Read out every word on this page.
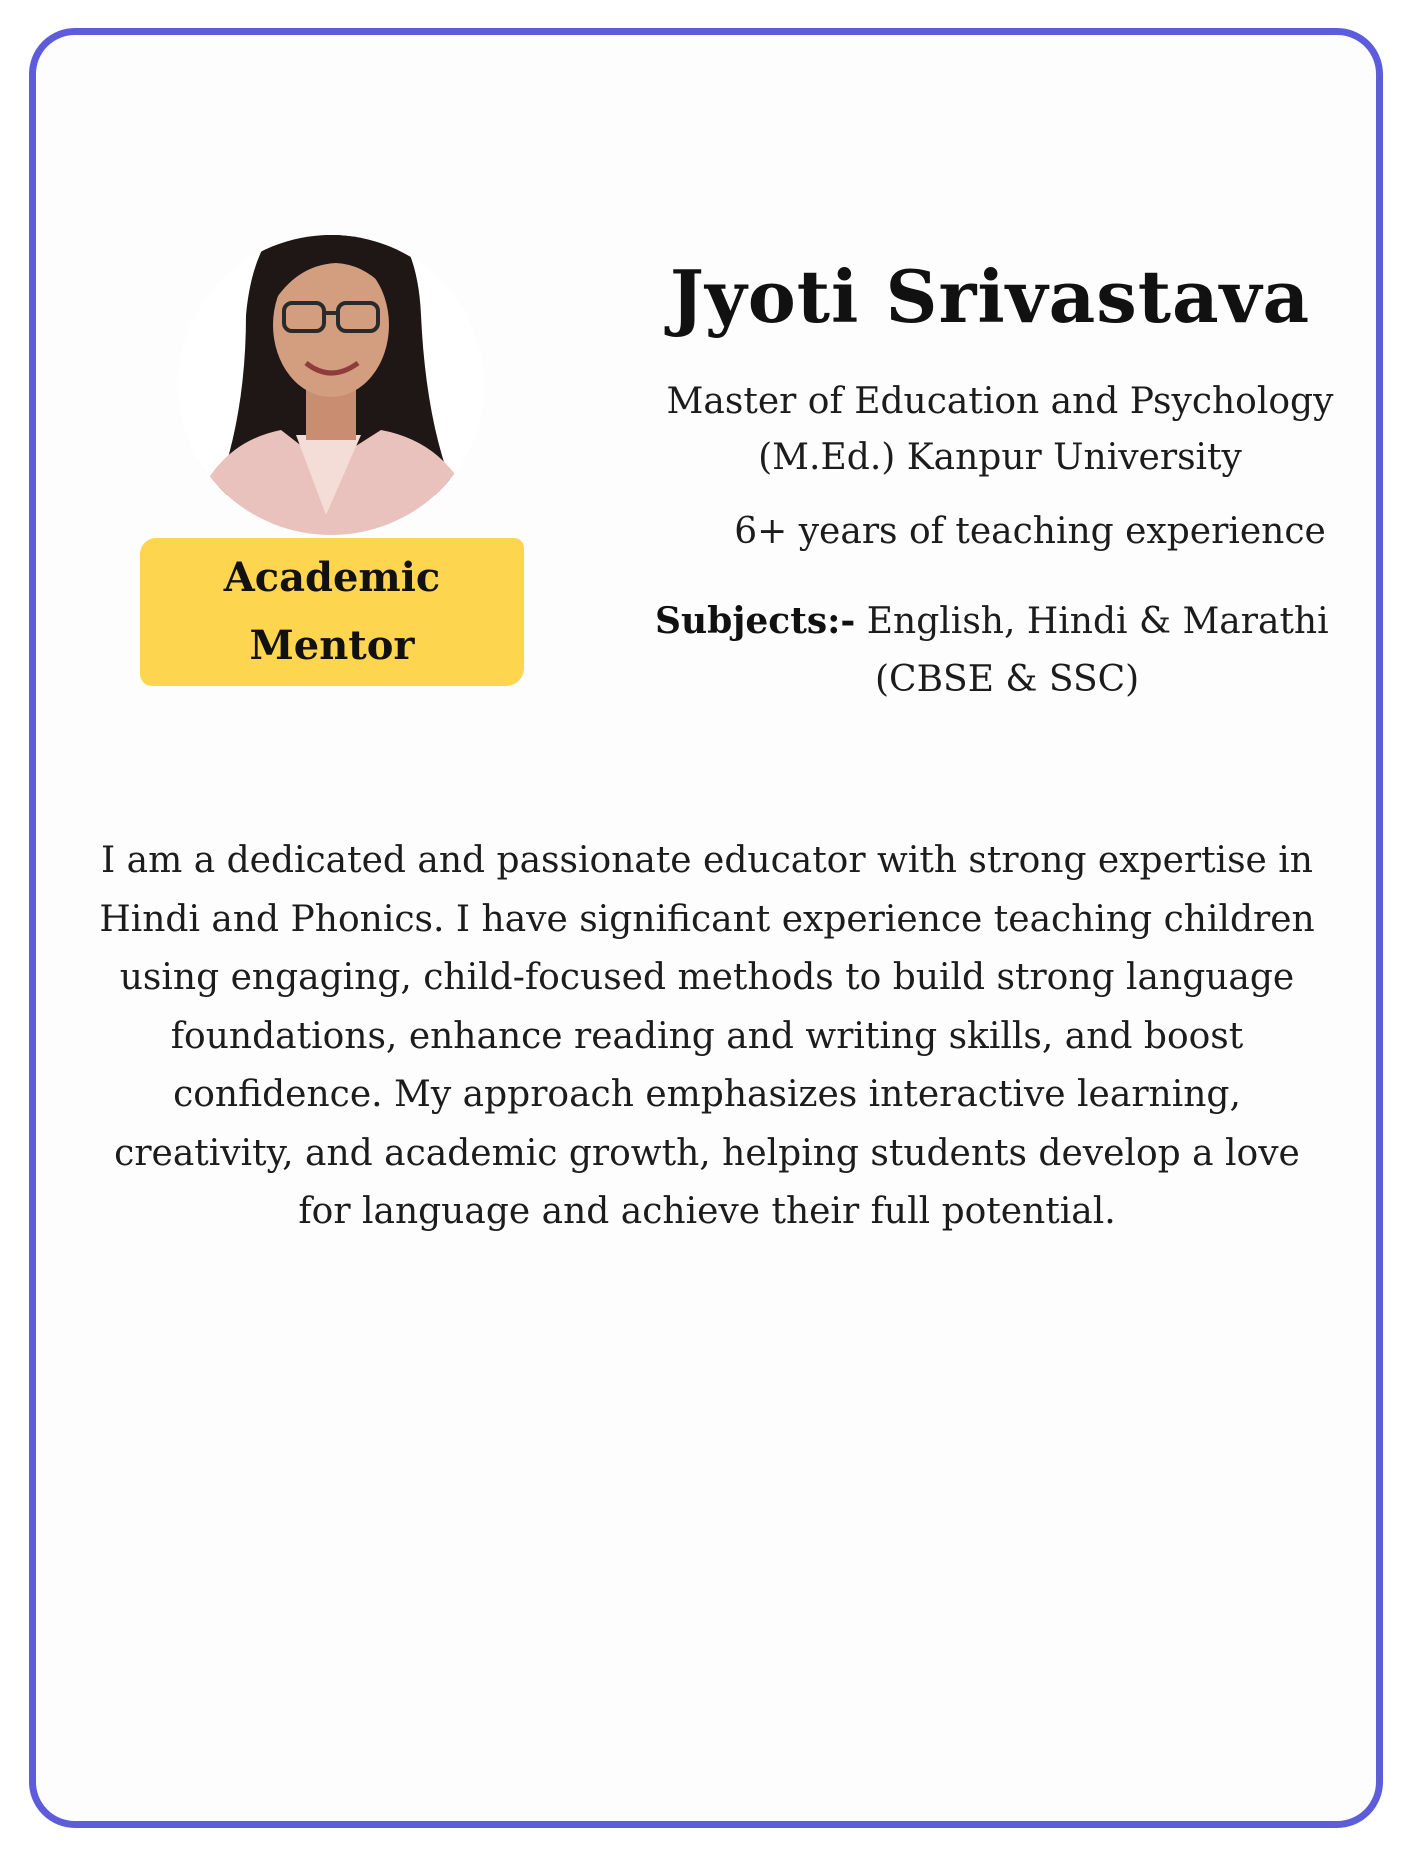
Academic
Mentor
Jyoti Srivastava
Master of Education and Psychology
(M.Ed.) Kanpur University
6+ years of teaching experience
Subjects:- English, Hindi & Marathi
(CBSE & SSC)
I am a dedicated and passionate educator with strong expertise in Hindi and Phonics. I have significant experience teaching children using engaging, child-focused methods to build strong language foundations, enhance reading and writing skills, and boost confidence. My approach emphasizes interactive learning, creativity, and academic growth, helping students develop a love for language and achieve their full potential.
